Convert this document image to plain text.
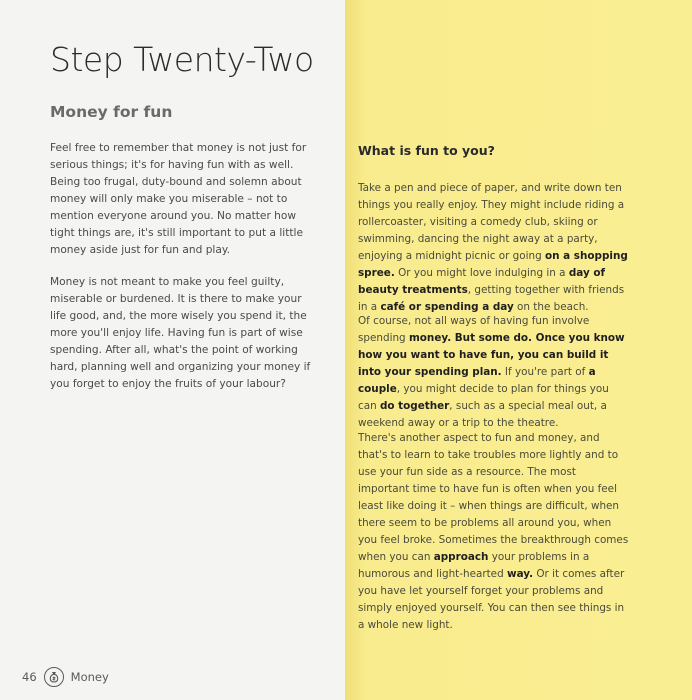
Step Twenty-Two
Money for fun

Feel free to remember that money is not just for serious things; it's for having fun with as well. Being too frugal, duty-bound and solemn about money will only make you miserable – not to mention everyone around you. No matter how tight things are, it's still important to put a little money aside just for fun and play.

Money is not meant to make you feel guilty, miserable or burdened. It is there to make your life good, and, the more wisely you spend it, the more you'll enjoy life. Having fun is part of wise spending. After all, what's the point of working hard, planning well and organizing your money if you forget to enjoy the fruits of your labour?

What is fun to you?

Take a pen and piece of paper, and write down ten things you really enjoy. They might include riding a rollercoaster, visiting a comedy club, skiing or swimming, dancing the night away at a party, enjoying a midnight picnic or going on a shopping spree. Or you might love indulging in a day of beauty treatments, getting together with friends in a café or spending a day on the beach.

Of course, not all ways of having fun involve spending money. But some do. Once you know how you want to have fun, you can build it into your spending plan. If you're part of a couple, you might decide to plan for things you can do together, such as a special meal out, a weekend away or a trip to the theatre.

There's another aspect to fun and money, and that's to learn to take troubles more lightly and to use your fun side as a resource. The most important time to have fun is often when you feel least like doing it – when things are difficult, when there seem to be problems all around you, when you feel broke. Sometimes the breakthrough comes when you can approach your problems in a humorous and light-hearted way. Or it comes after you have let yourself forget your problems and simply enjoyed yourself. You can then see things in a whole new light.

46	Money
